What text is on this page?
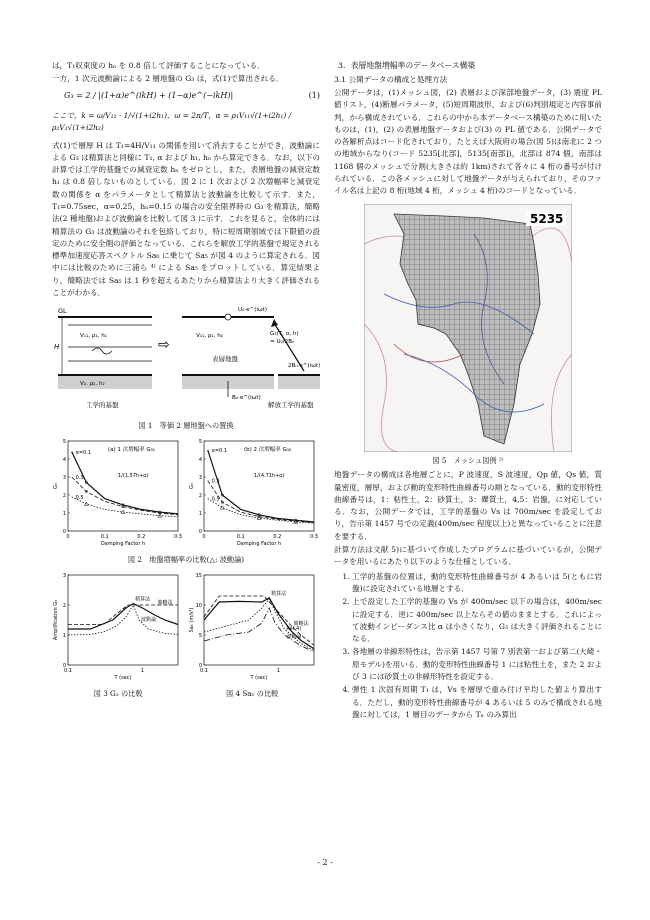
は，T₁収束度の hₙ を 0.8 倍して評価することになっている．

一方，1 次元波動論による 2 層地盤の G₃ は，式(1)で算出される．

G₃ = 2 / |(1+α)e^(ikH) + (1−α)e^(−ikH)|	(1)
ここで，k = ω/V₁₁ · 1/√(1+i2h₁)，ω = 2π/T，α = ρ₁V₁₁√(1+i2h₁) / ρ₂V₂√(1+i2h₂)

式(1)で層厚 H は T₁=4H/V₁₁ の関係を用いて消去することができ，波動論による G₃ は精算法と同様に T₁, α および h₁, hₙ から算定できる．なお，以下の計算では工学的基盤での減衰定数 hₙ をゼロとし，また，表層地盤の減衰定数 h₁ は 0.8 倍しないものとしている．図 2 に 1 次および 2 次増幅率と減衰定数の関係を α をパラメータとして精算法と波動論を比較して示す．また，T₁=0.75sec，α=0.25，hₙ=0.15 の場合の安全限界時の G₃ を精算法，簡略法(2 種地盤)および波動論を比較して図 3 に示す．これを見ると，全体的には精算法の G₃ は波動論のそれを包絡しており，特に短周期領域では下限値の設定のために安全側の評価となっている．これらを解放工学的基盤で規定される標準加速度応答スペクトル Sa₀ に乗じて Sa₅ が図 4 のように算定される．図中には比較のために三浦ら ⁴⁾ による Sa₅ をプロットしている．算定結果より，簡略法では Sa₅ は 1 秒を超えるあたりから精算法より大きく評価されることがわかる．

GL
H
V₁₁, ρ₁, h₁
V₂, ρ₂, h₂
工学的基盤
⇨
U₀·e^(iωt)
V₁₁, ρ₁, h₁
表層地盤
Bₙ·e^(iωt)
G₃(T, α, h)
= U₀/2Bₙ
2Bₙ·e^(iωt)
解放工学的基盤
図 1　等価 2 層地盤への置換
0
1
2
3
4
5
0	0.1	0.2	0.3
Damping Factor h
G₃
(a) 1 次増幅率 G₃₁
1/(1.57h+α)
α=0.1
0.3
0.5
0
1
2
3
4
5
0	0.1	0.2	0.3
Damping Factor h
G₃
(b) 2 次増幅率 G₃₂
1/(4.71h+α)
α=0.1
0.3
0.5
図 2　地盤増幅率の比較(△: 波動論)
0
1
2
3
0.1	1
T (sec)
Amplification G₃
精算法
簡略法
波動論
0
5
10
15
0.1	1
T (sec)
Sa₅ (m/s²)
精算法
簡略法
Ref 4)
波動論
図 3 G₃ の比較	図 4 Sa₅ の比較
3．表層地盤増幅率のデータベース構築
3.1 公開データの構成と処理方法

公開データは，(1)メッシュ図，(2) 表層および深部地盤データ，(3) 震度 PL 値リスト，(4)断層パラメータ，(5)短周期波形，および(6)判別規定と内容事前判，から構成されている．これらの中から本データベース構築のために用いたものは，(1)，(2) の表層地盤データおよび(3) の PL 値である．公開データでの各解析点はコード化されており，たとえば大阪府の場合(図 5)は南北に 2 つの地域からなり(コード 5235[北部]，5135[南部])，北部は 874 個，南部は 1168 個のメッシュで分割(大きさは約 1km)されて各々に 4 桁の番号が付けられている．この各メッシュに対して地盤データが与えられており，そのファイル名は上記の 8 桁(地域 4 桁，メッシュ 4 桁)のコードとなっている．

5235
図 5　メッシュ図例 ²⁾

地盤データの構成は各地層ごとに，P 波速度，S 波速度，Qp 値，Qs 値，質量密度，層厚，および動的変形特性曲線番号の順となっている．動的変形特性曲線番号は，1：粘性土，2：砂質土，3：礫質土，4,5：岩盤，に対応している．なお，公開データでは，工学的基盤の Vs は 700m/sec を設定しており，告示第 1457 号での定義(400m/sec 程度以上)と異なっていることに注意を要する．

計算方法は文献 5)に基づいて作成したプログラムに基づいているが，公開データを用いるにあたり以下のような仕様としている．

1. 工学的基盤の位置は，動的変形特性曲線番号が 4 あるいは 5(ともに岩盤)に設定されている地層とする．
2. 上で設定した工学的基盤の Vs が 400m/sec 以下の場合は，400m/sec に設定する．逆に 400m/sec 以上ならその値のままとする．これによって波動インピーダンス比 α は小さくなり，G₃ は大きく評価されることになる．
3. 各地層の非線形特性は，告示第 1457 号第 7 別表第一および第二(大崎・原モデル)を用いる．動的変形特性曲線番号 1 には粘性土を，また 2 および 3 には砂質土の非線形特性を設定する．
4. 弾性 1 次固有周期 T₁ は，Vs を層厚で重み付け平均した値より算出する．ただし，動的変形特性曲線番号が 4 あるいは 5 のみで構成される地盤に対しては，1 層目のデータから Tₙ のみ算出
- 2 -
